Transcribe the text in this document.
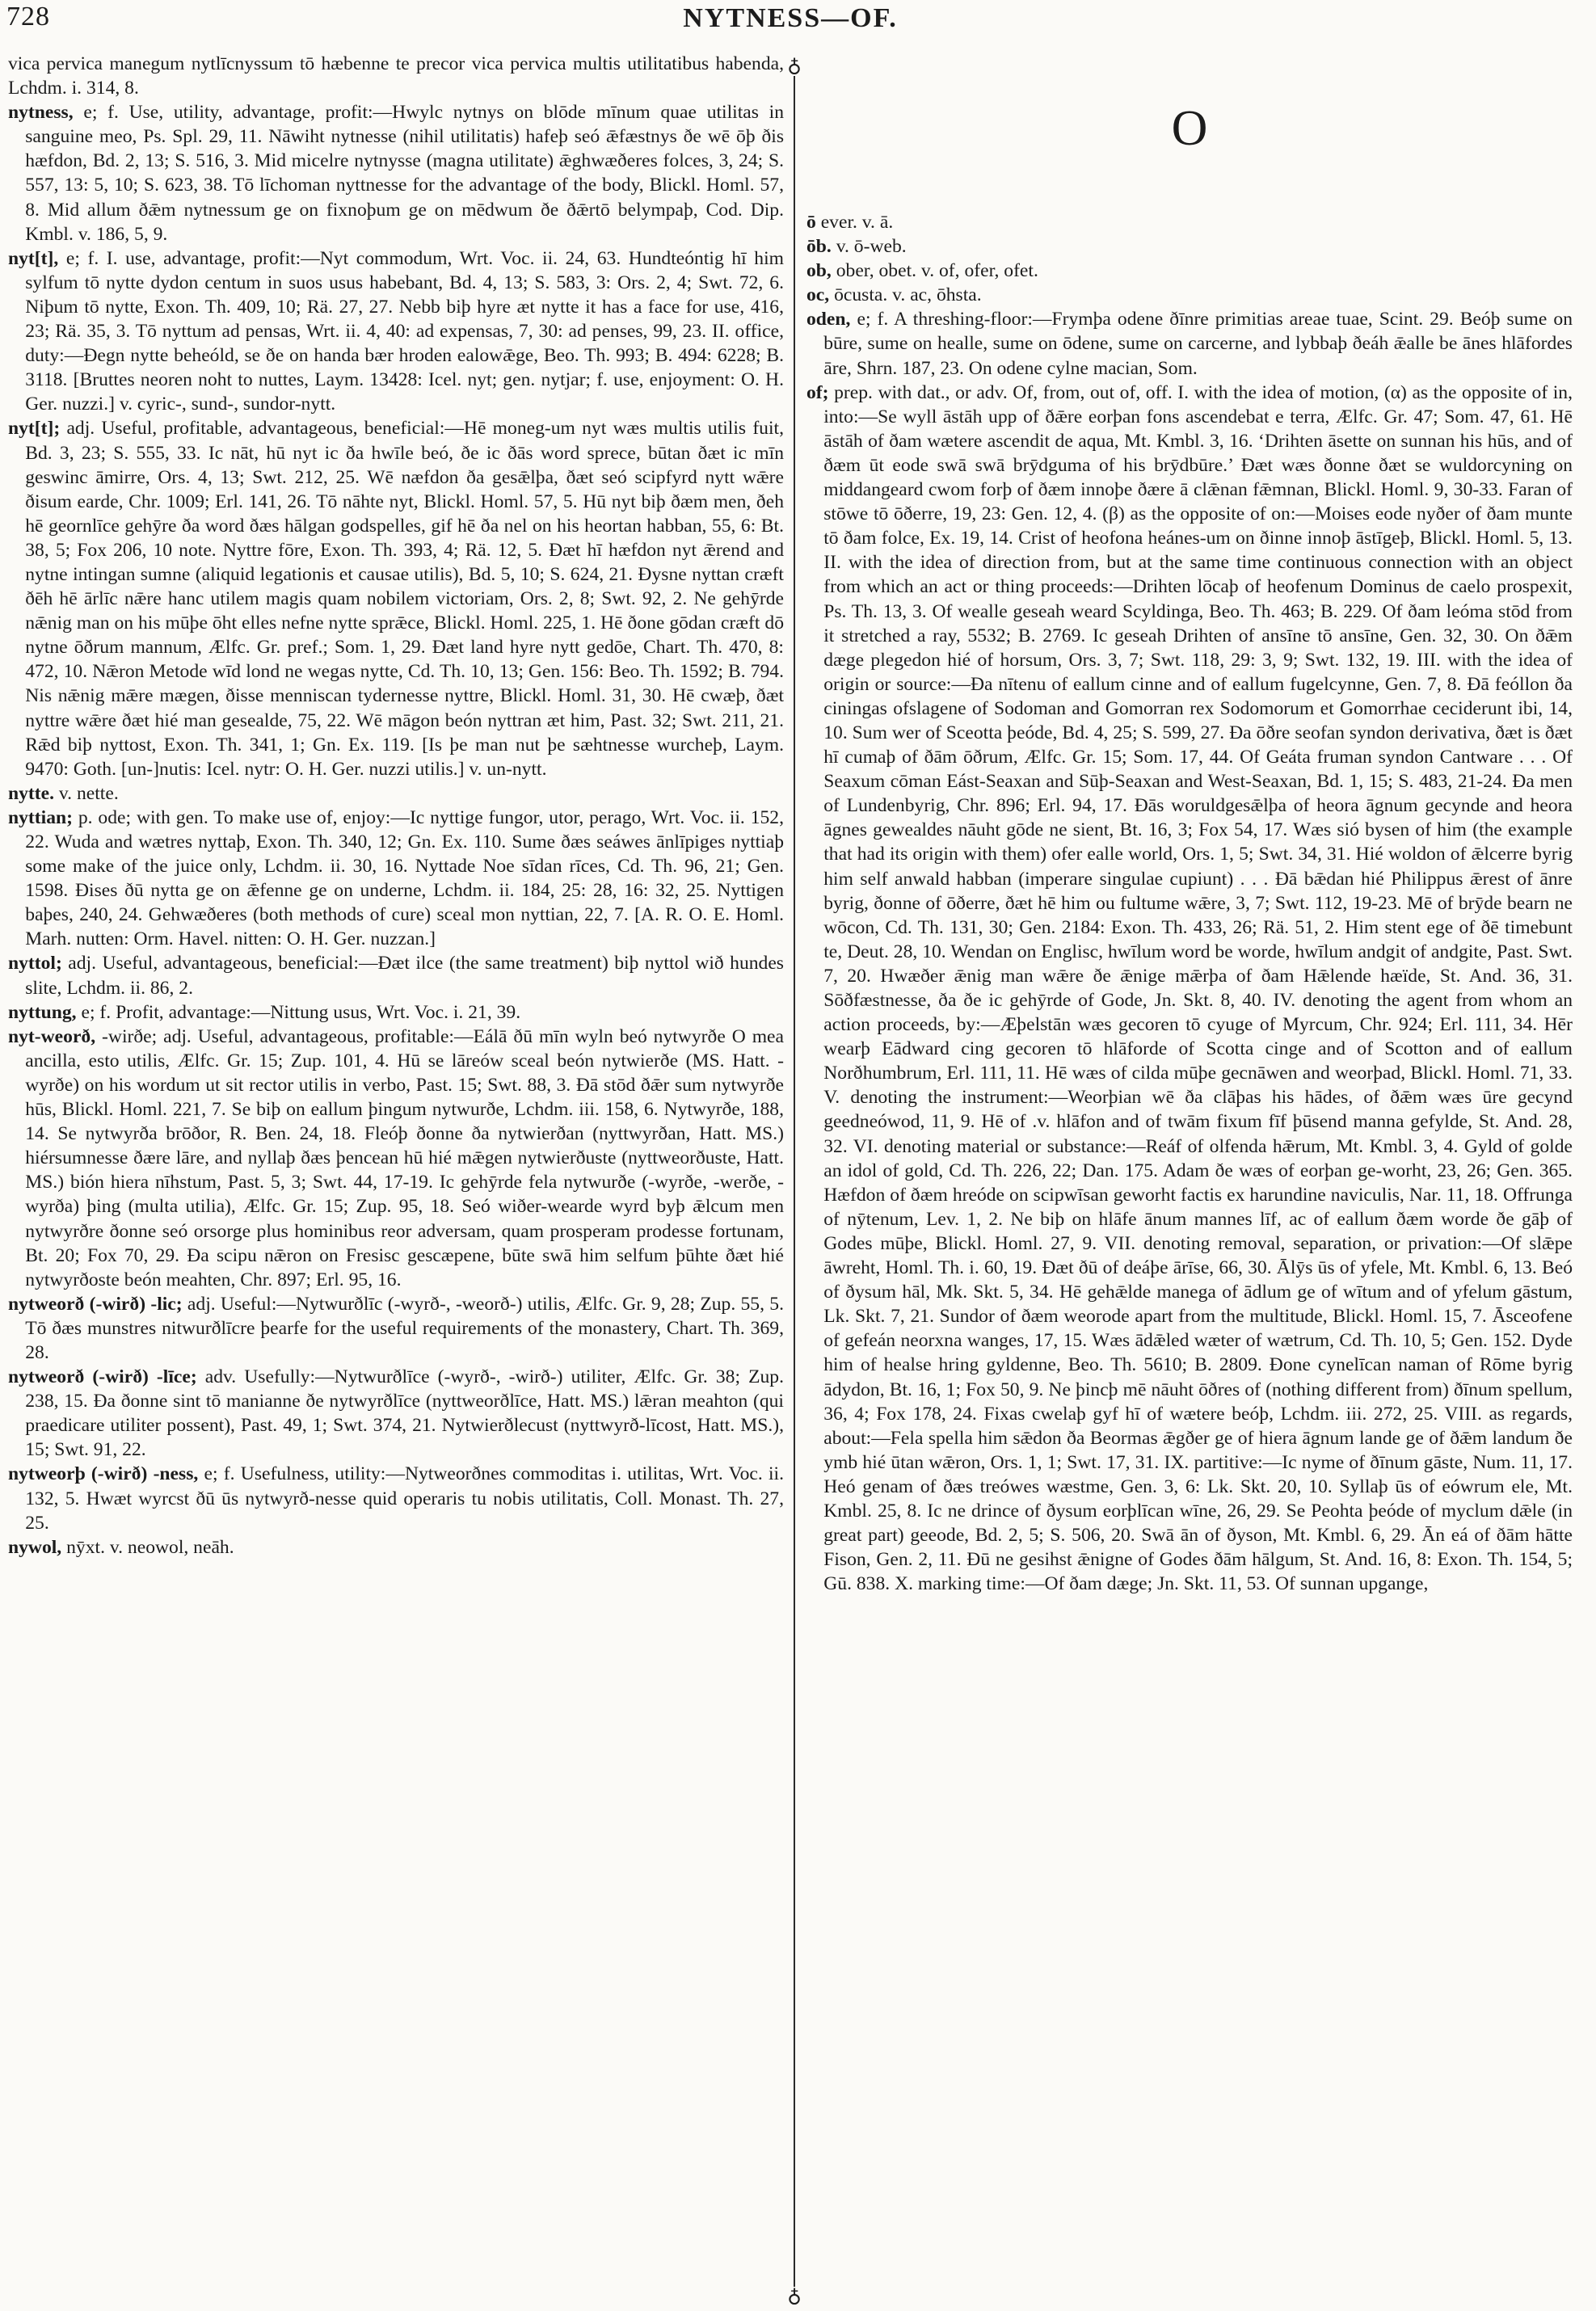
728	NYTNESS—OF.

vica pervica manegum nytlīcnyssum tō hæbenne te precor vica pervica multis utilitatibus habenda, Lchdm. i. 314, 8.

nytness, e; f. Use, utility, advantage, profit:—Hwylc nytnys on blōde mīnum quae utilitas in sanguine meo, Ps. Spl. 29, 11. Nāwiht nytnesse (nihil utilitatis) hafeþ seó ǣfæstnys ðe wē ōþ ðis hæfdon, Bd. 2, 13; S. 516, 3. Mid micelre nytnysse (magna utilitate) ǣghwæðeres folces, 3, 24; S. 557, 13: 5, 10; S. 623, 38. Tō līchoman nyttnesse for the advantage of the body, Blickl. Homl. 57, 8. Mid allum ðǣm nytnessum ge on fixnoþum ge on mēdwum ðe ðǣrtō belympaþ, Cod. Dip. Kmbl. v. 186, 5, 9.

nyt[t], e; f. I. use, advantage, profit:—Nyt commodum, Wrt. Voc. ii. 24, 63. Hundteóntig hī him sylfum tō nytte dydon centum in suos usus habebant, Bd. 4, 13; S. 583, 3: Ors. 2, 4; Swt. 72, 6. Niþum tō nytte, Exon. Th. 409, 10; Rä. 27, 27. Nebb biþ hyre æt nytte it has a face for use, 416, 23; Rä. 35, 3. Tō nyttum ad pensas, Wrt. ii. 4, 40: ad expensas, 7, 30: ad penses, 99, 23. II. office, duty:—Ðegn nytte beheóld, se ðe on handa bær hroden ealowǣge, Beo. Th. 993; B. 494: 6228; B. 3118. [Bruttes neoren noht to nuttes, Laym. 13428: Icel. nyt; gen. nytjar; f. use, enjoyment: O. H. Ger. nuzzi.] v. cyric-, sund-, sundor-nytt.

nyt[t]; adj. Useful, profitable, advantageous, beneficial:—Hē moneg-um nyt wæs multis utilis fuit, Bd. 3, 23; S. 555, 33. Ic nāt, hū nyt ic ða hwīle beó, ðe ic ðās word sprece, būtan ðæt ic mīn geswinc āmirre, Ors. 4, 13; Swt. 212, 25. Wē næfdon ða gesǣlþa, ðæt seó scipfyrd nytt wǣre ðisum earde, Chr. 1009; Erl. 141, 26. Tō nāhte nyt, Blickl. Homl. 57, 5. Hū nyt biþ ðæm men, ðeh hē geornlīce gehȳre ða word ðæs hālgan godspelles, gif hē ða nel on his heortan habban, 55, 6: Bt. 38, 5; Fox 206, 10 note. Nyttre fōre, Exon. Th. 393, 4; Rä. 12, 5. Ðæt hī hæfdon nyt ǣrend and nytne intingan sumne (aliquid legationis et causae utilis), Bd. 5, 10; S. 624, 21. Ðysne nyttan cræft ðēh hē ārlīc nǣre hanc utilem magis quam nobilem victoriam, Ors. 2, 8; Swt. 92, 2. Ne gehȳrde nǣnig man on his mūþe ōht elles nefne nytte sprǣce, Blickl. Homl. 225, 1. Hē ðone gōdan cræft dō nytne ōðrum mannum, Ælfc. Gr. pref.; Som. 1, 29. Ðæt land hyre nytt gedōe, Chart. Th. 470, 8: 472, 10. Nǣron Metode wīd lond ne wegas nytte, Cd. Th. 10, 13; Gen. 156: Beo. Th. 1592; B. 794. Nis nǣnig mǣre mægen, ðisse menniscan tydernesse nyttre, Blickl. Homl. 31, 30. Hē cwæþ, ðæt nyttre wǣre ðæt hié man gesealde, 75, 22. Wē māgon beón nyttran æt him, Past. 32; Swt. 211, 21. Rǣd biþ nyttost, Exon. Th. 341, 1; Gn. Ex. 119. [Is þe man nut þe sæhtnesse wurcheþ, Laym. 9470: Goth. [un-]nutis: Icel. nytr: O. H. Ger. nuzzi utilis.] v. un-nytt.

nytte. v. nette.

nyttian; p. ode; with gen. To make use of, enjoy:—Ic nyttige fungor, utor, perago, Wrt. Voc. ii. 152, 22. Wuda and wætres nyttaþ, Exon. Th. 340, 12; Gn. Ex. 110. Sume ðæs seáwes ānlīpiges nyttiaþ some make of the juice only, Lchdm. ii. 30, 16. Nyttade Noe sīdan rīces, Cd. Th. 96, 21; Gen. 1598. Ðises ðū nytta ge on ǣfenne ge on underne, Lchdm. ii. 184, 25: 28, 16: 32, 25. Nyttigen baþes, 240, 24. Gehwæðeres (both methods of cure) sceal mon nyttian, 22, 7. [A. R. O. E. Homl. Marh. nutten: Orm. Havel. nitten: O. H. Ger. nuzzan.]

nyttol; adj. Useful, advantageous, beneficial:—Ðæt ilce (the same treatment) biþ nyttol wið hundes slite, Lchdm. ii. 86, 2.

nyttung, e; f. Profit, advantage:—Nittung usus, Wrt. Voc. i. 21, 39.

nyt-weorð, -wirðe; adj. Useful, advantageous, profitable:—Eálā ðū mīn wyln beó nytwyrðe O mea ancilla, esto utilis, Ælfc. Gr. 15; Zup. 101, 4. Hū se lāreów sceal beón nytwierðe (MS. Hatt. -wyrðe) on his wordum ut sit rector utilis in verbo, Past. 15; Swt. 88, 3. Ðā stōd ðǣr sum nytwyrðe hūs, Blickl. Homl. 221, 7. Se biþ on eallum þingum nytwurðe, Lchdm. iii. 158, 6. Nytwyrðe, 188, 14. Se nytwyrða brōðor, R. Ben. 24, 18. Fleóþ ðonne ða nytwierðan (nyttwyrðan, Hatt. MS.) hiérsumnesse ðære lāre, and nyllaþ ðæs þencean hū hié mǣgen nytwierðuste (nyttweorðuste, Hatt. MS.) bión hiera nīhstum, Past. 5, 3; Swt. 44, 17-19. Ic gehȳrde fela nytwurðe (-wyrðe, -werðe, -wyrða) þing (multa utilia), Ælfc. Gr. 15; Zup. 95, 18. Seó wiðer-wearde wyrd byþ ǣlcum men nytwyrðre ðonne seó orsorge plus hominibus reor adversam, quam prosperam prodesse fortunam, Bt. 20; Fox 70, 29. Ða scipu nǣron on Fresisc gescæpene, būte swā him selfum þūhte ðæt hié nytwyrðoste beón meahten, Chr. 897; Erl. 95, 16.

nytweorð (-wirð) -lic; adj. Useful:—Nytwurðlīc (-wyrð-, -weorð-) utilis, Ælfc. Gr. 9, 28; Zup. 55, 5. Tō ðæs munstres nitwurðlīcre þearfe for the useful requirements of the monastery, Chart. Th. 369, 28.

nytweorð (-wirð) -līce; adv. Usefully:—Nytwurðlīce (-wyrð-, -wirð-) utiliter, Ælfc. Gr. 38; Zup. 238, 15. Ða ðonne sint tō manianne ðe nytwyrðlīce (nyttweorðlīce, Hatt. MS.) lǣran meahton (qui praedicare utiliter possent), Past. 49, 1; Swt. 374, 21. Nytwierðlecust (nyttwyrð-līcost, Hatt. MS.), 15; Swt. 91, 22.

nytweorþ (-wirð) -ness, e; f. Usefulness, utility:—Nytweorðnes commoditas i. utilitas, Wrt. Voc. ii. 132, 5. Hwæt wyrcst ðū ūs nytwyrð-nesse quid operaris tu nobis utilitatis, Coll. Monast. Th. 27, 25.

nywol, nȳxt. v. neowol, neāh.

♁
♁
O

ō ever. v. ā.

ōb. v. ō-web.

ob, ober, obet. v. of, ofer, ofet.

oc, ōcusta. v. ac, ōhsta.

oden, e; f. A threshing-floor:—Frymþa odene ðīnre primitias areae tuae, Scint. 29. Beóþ sume on būre, sume on healle, sume on ōdene, sume on carcerne, and lybbaþ ðeáh ǣalle be ānes hlāfordes āre, Shrn. 187, 23. On odene cylne macian, Som.

of; prep. with dat., or adv. Of, from, out of, off. I. with the idea of motion, (α) as the opposite of in, into:—Se wyll āstāh upp of ðǣre eorþan fons ascendebat e terra, Ælfc. Gr. 47; Som. 47, 61. Hē āstāh of ðam wætere ascendit de aqua, Mt. Kmbl. 3, 16. ‘Drihten āsette on sunnan his hūs, and of ðæm ūt eode swā swā brȳdguma of his brȳdbūre.’ Ðæt wæs ðonne ðæt se wuldorcyning on middangeard cwom forþ of ðæm innoþe ðære ā clǣnan fǣmnan, Blickl. Homl. 9, 30-33. Faran of stōwe tō ōðerre, 19, 23: Gen. 12, 4. (β) as the opposite of on:—Moises eode nyðer of ðam munte tō ðam folce, Ex. 19, 14. Crist of heofona heánes-um on ðinne innoþ āstīgeþ, Blickl. Homl. 5, 13. II. with the idea of direction from, but at the same time continuous connection with an object from which an act or thing proceeds:—Drihten lōcaþ of heofenum Dominus de caelo prospexit, Ps. Th. 13, 3. Of wealle geseah weard Scyldinga, Beo. Th. 463; B. 229. Of ðam leóma stōd from it stretched a ray, 5532; B. 2769. Ic geseah Drihten of ansīne tō ansīne, Gen. 32, 30. On ðǣm dæge plegedon hié of horsum, Ors. 3, 7; Swt. 118, 29: 3, 9; Swt. 132, 19. III. with the idea of origin or source:—Ða nītenu of eallum cinne and of eallum fugelcynne, Gen. 7, 8. Ðā feóllon ða ciningas ofslagene of Sodoman and Gomorran rex Sodomorum et Gomorrhae ceciderunt ibi, 14, 10. Sum wer of Sceotta þeóde, Bd. 4, 25; S. 599, 27. Ða ōðre seofan syndon derivativa, ðæt is ðæt hī cumaþ of ðām ōðrum, Ælfc. Gr. 15; Som. 17, 44. Of Geáta fruman syndon Cantware . . . Of Seaxum cōman Eást-Seaxan and Sūþ-Seaxan and West-Seaxan, Bd. 1, 15; S. 483, 21-24. Ða men of Lundenbyrig, Chr. 896; Erl. 94, 17. Ðās woruldgesǣlþa of heora āgnum gecynde and heora āgnes gewealdes nāuht gōde ne sient, Bt. 16, 3; Fox 54, 17. Wæs sió bysen of him (the example that had its origin with them) ofer ealle world, Ors. 1, 5; Swt. 34, 31. Hié woldon of ǣlcerre byrig him self anwald habban (imperare singulae cupiunt) . . . Ðā bǣdan hié Philippus ǣrest of ānre byrig, ðonne of ōðerre, ðæt hē him ou fultume wǣre, 3, 7; Swt. 112, 19-23. Mē of brȳde bearn ne wōcon, Cd. Th. 131, 30; Gen. 2184: Exon. Th. 433, 26; Rä. 51, 2. Him stent ege of ðē timebunt te, Deut. 28, 10. Wendan on Englisc, hwīlum word be worde, hwīlum andgit of andgite, Past. Swt. 7, 20. Hwæðer ǣnig man wǣre ðe ǣnige mǣrþa of ðam Hǣlende hæïde, St. And. 36, 31. Sōðfæstnesse, ða ðe ic gehȳrde of Gode, Jn. Skt. 8, 40. IV. denoting the agent from whom an action proceeds, by:—Æþelstān wæs gecoren tō cyuge of Myrcum, Chr. 924; Erl. 111, 34. Hēr wearþ Eādward cing gecoren tō hlāforde of Scotta cinge and of Scotton and of eallum Norðhumbrum, Erl. 111, 11. Hē wæs of cilda mūþe gecnāwen and weorþad, Blickl. Homl. 71, 33. V. denoting the instrument:—Weorþian wē ða clāþas his hādes, of ðǣm wæs ūre gecynd geedneówod, 11, 9. Hē of .v. hlāfon and of twām fixum fīf þūsend manna gefylde, St. And. 28, 32. VI. denoting material or substance:—Reáf of olfenda hǣrum, Mt. Kmbl. 3, 4. Gyld of golde an idol of gold, Cd. Th. 226, 22; Dan. 175. Adam ðe wæs of eorþan ge-worht, 23, 26; Gen. 365. Hæfdon of ðæm hreóde on scipwīsan geworht factis ex harundine naviculis, Nar. 11, 18. Offrunga of nȳtenum, Lev. 1, 2. Ne biþ on hlāfe ānum mannes līf, ac of eallum ðæm worde ðe gāþ of Godes mūþe, Blickl. Homl. 27, 9. VII. denoting removal, separation, or privation:—Of slǣpe āwreht, Homl. Th. i. 60, 19. Ðæt ðū of deáþe ārīse, 66, 30. Ālȳs ūs of yfele, Mt. Kmbl. 6, 13. Beó of ðysum hāl, Mk. Skt. 5, 34. Hē gehǣlde manega of ādlum ge of wītum and of yfelum gāstum, Lk. Skt. 7, 21. Sundor of ðæm weorode apart from the multitude, Blickl. Homl. 15, 7. Āsceofene of gefeán neorxna wanges, 17, 15. Wæs ādǣled wæter of wætrum, Cd. Th. 10, 5; Gen. 152. Dyde him of healse hring gyldenne, Beo. Th. 5610; B. 2809. Ðone cynelīcan naman of Rōme byrig ādydon, Bt. 16, 1; Fox 50, 9. Ne þincþ mē nāuht ōðres of (nothing different from) ðīnum spellum, 36, 4; Fox 178, 24. Fixas cwelaþ gyf hī of wætere beóþ, Lchdm. iii. 272, 25. VIII. as regards, about:—Fela spella him sǣdon ða Beormas ǣgðer ge of hiera āgnum lande ge of ðǣm landum ðe ymb hié ūtan wǣron, Ors. 1, 1; Swt. 17, 31. IX. partitive:—Ic nyme of ðīnum gāste, Num. 11, 17. Heó genam of ðæs treówes wæstme, Gen. 3, 6: Lk. Skt. 20, 10. Syllaþ ūs of eówrum ele, Mt. Kmbl. 25, 8. Ic ne drince of ðysum eorþlīcan wīne, 26, 29. Se Peohta þeóde of myclum dǣle (in great part) geeode, Bd. 2, 5; S. 506, 20. Swā ān of ðyson, Mt. Kmbl. 6, 29. Ān eá of ðām hātte Fison, Gen. 2, 11. Ðū ne gesihst ǣnigne of Godes ðām hālgum, St. And. 16, 8: Exon. Th. 154, 5; Gū. 838. X. marking time:—Of ðam dæge; Jn. Skt. 11, 53. Of sunnan upgange,
